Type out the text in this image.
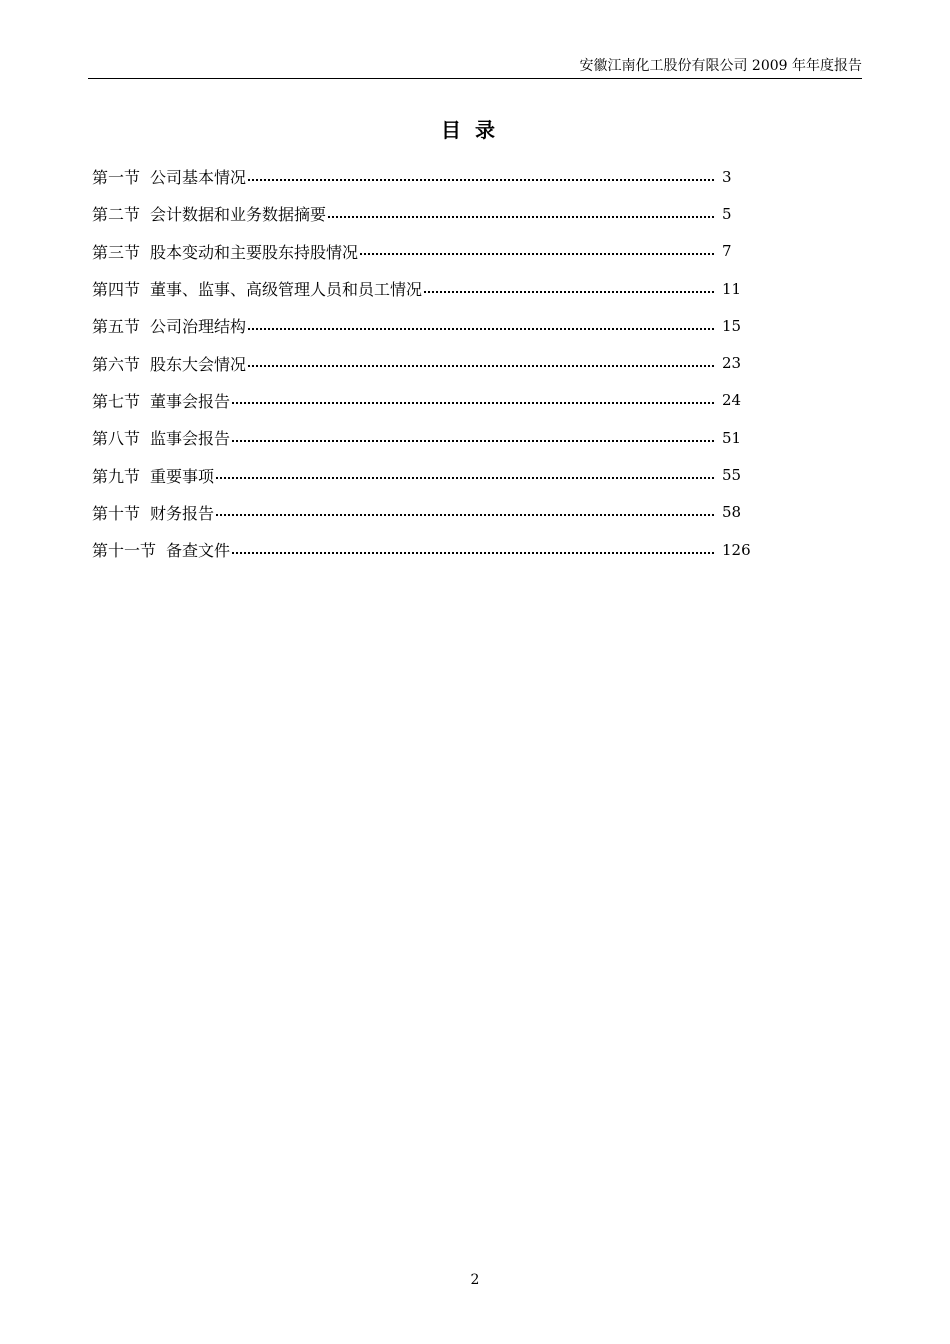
安徽江南化工股份有限公司 2009 年年度报告
目录
第一节 公司基本情况	3
第二节 会计数据和业务数据摘要	5
第三节 股本变动和主要股东持股情况	7
第四节 董事、监事、高级管理人员和员工情况	11
第五节 公司治理结构	15
第六节 股东大会情况	23
第七节 董事会报告	24
第八节 监事会报告	51
第九节 重要事项	55
第十节 财务报告	58
第十一节 备查文件	126
2
